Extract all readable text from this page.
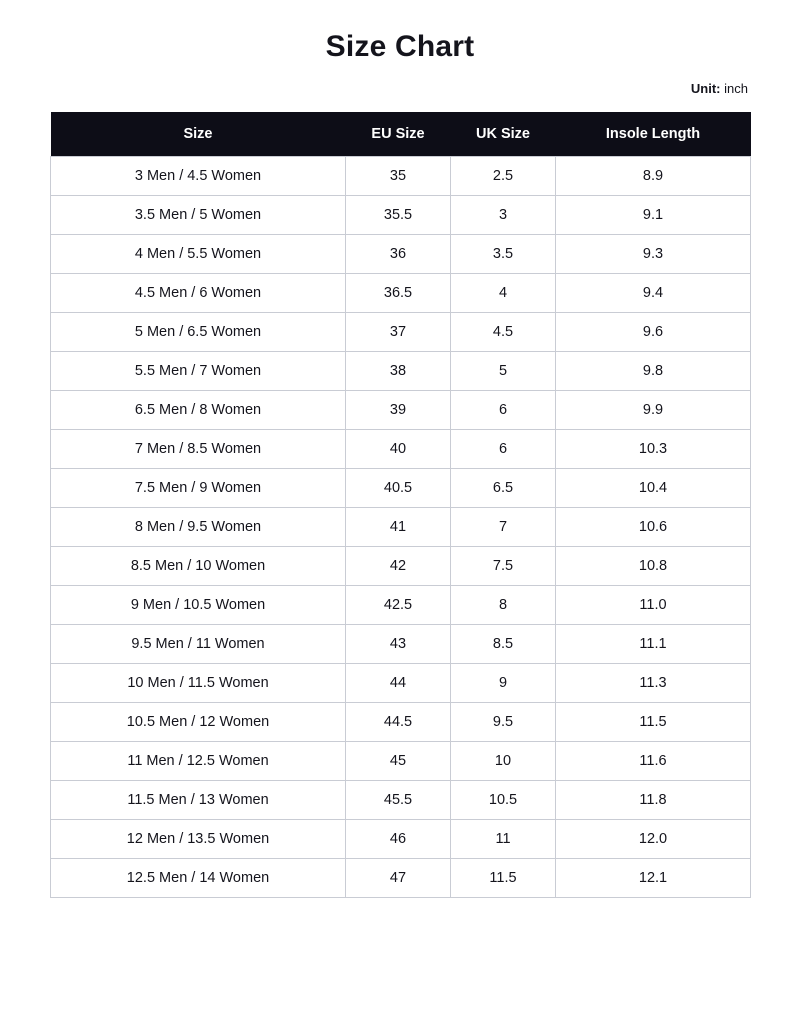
Size Chart
Unit: inch
Size	EU Size	UK Size	Insole Length
3 Men / 4.5 Women	35	2.5	8.9
3.5 Men / 5 Women	35.5	3	9.1
4 Men / 5.5 Women	36	3.5	9.3
4.5 Men / 6 Women	36.5	4	9.4
5 Men / 6.5 Women	37	4.5	9.6
5.5 Men / 7 Women	38	5	9.8
6.5 Men / 8 Women	39	6	9.9
7 Men / 8.5 Women	40	6	10.3
7.5 Men / 9 Women	40.5	6.5	10.4
8 Men / 9.5 Women	41	7	10.6
8.5 Men / 10 Women	42	7.5	10.8
9 Men / 10.5 Women	42.5	8	11.0
9.5 Men / 11 Women	43	8.5	11.1
10 Men / 11.5 Women	44	9	11.3
10.5 Men / 12 Women	44.5	9.5	11.5
11 Men / 12.5 Women	45	10	11.6
11.5 Men / 13 Women	45.5	10.5	11.8
12 Men / 13.5 Women	46	11	12.0
12.5 Men / 14 Women	47	11.5	12.1
